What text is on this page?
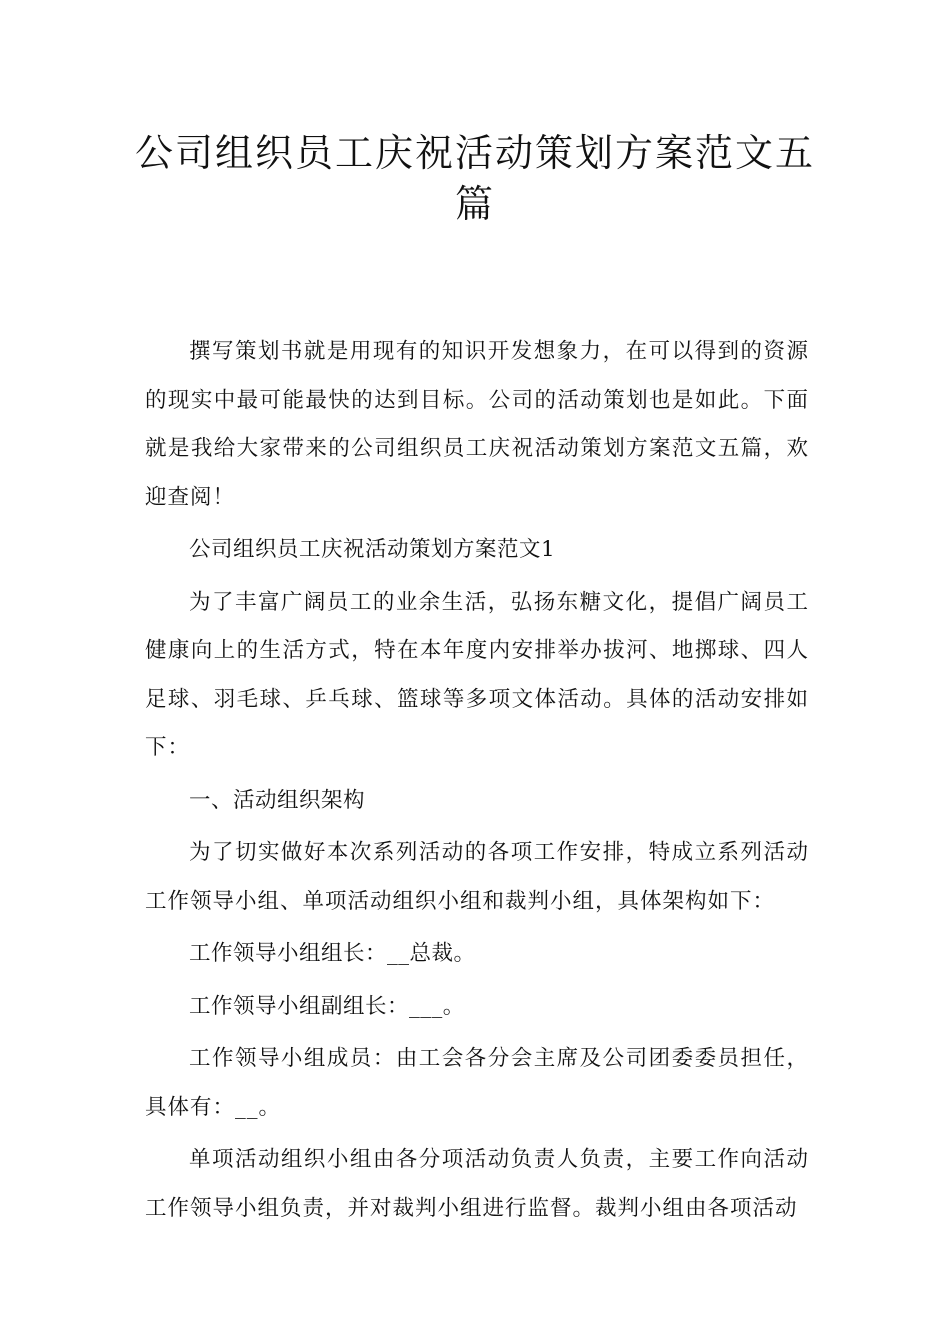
公司组织员工庆祝活动策划方案范文五篇

撰写策划书就是用现有的知识开发想象力，在可以得到的资源的现实中最可能最快的达到目标。公司的活动策划也是如此。下面就是我给大家带来的公司组织员工庆祝活动策划方案范文五篇，欢迎查阅！

公司组织员工庆祝活动策划方案范文1

为了丰富广阔员工的业余生活，弘扬东糖文化，提倡广阔员工健康向上的生活方式，特在本年度内安排举办拔河、地掷球、四人足球、羽毛球、乒乓球、篮球等多项文体活动。具体的活动安排如下：

一、活动组织架构

为了切实做好本次系列活动的各项工作安排，特成立系列活动工作领导小组、单项活动组织小组和裁判小组，具体架构如下：

工作领导小组组长：__总裁。

工作领导小组副组长：___。

工作领导小组成员：由工会各分会主席及公司团委委员担任，具体有：__。

单项活动组织小组由各分项活动负责人负责，主要工作向活动工作领导小组负责，并对裁判小组进行监督。裁判小组由各项活动
